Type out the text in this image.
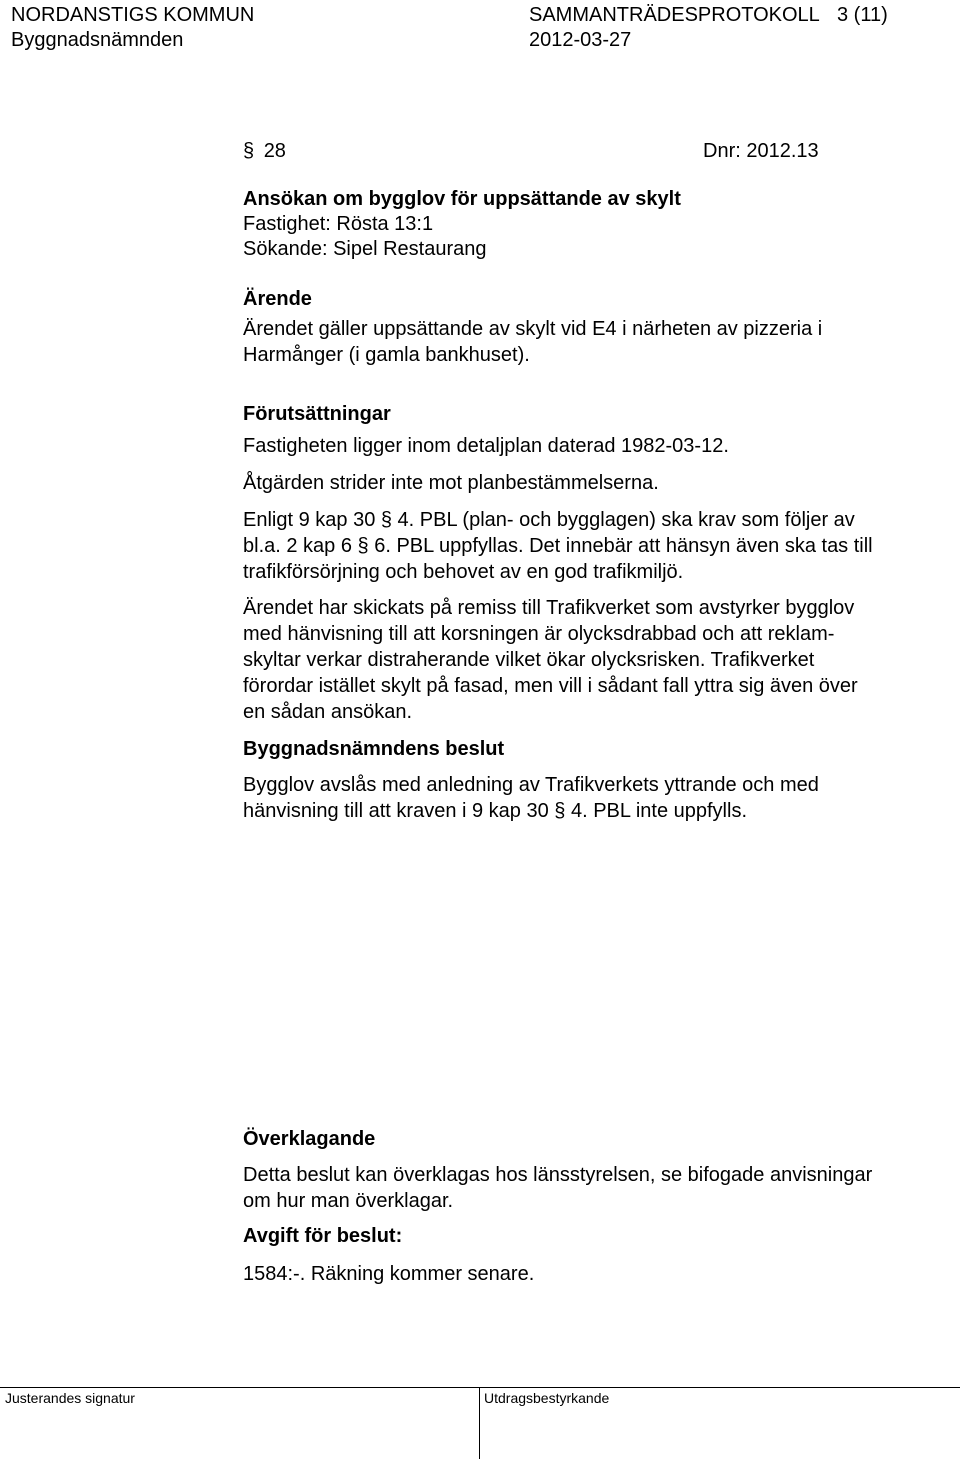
NORDANSTIGS KOMMUN	SAMMANTRÄDESPROTOKOLL 3 (11)
Byggnadsnämnden	2012-03-27
§ 28	Dnr: 2012.13
Ansökan om bygglov för uppsättande av skylt
Fastighet: Rösta 13:1
Sökande: Sipel Restaurang
Ärende
Ärendet gäller uppsättande av skylt vid E4 i närheten av pizzeria i
Harmånger (i gamla bankhuset).
Förutsättningar
Fastigheten ligger inom detaljplan daterad 1982-03-12.
Åtgärden strider inte mot planbestämmelserna.
Enligt 9 kap 30 § 4. PBL (plan- och bygglagen) ska krav som följer av
bl.a. 2 kap 6 § 6. PBL uppfyllas. Det innebär att hänsyn även ska tas till
trafikförsörjning och behovet av en god trafikmiljö.
Ärendet har skickats på remiss till Trafikverket som avstyrker bygglov
med hänvisning till att korsningen är olycksdrabbad och att reklam-
skyltar verkar distraherande vilket ökar olycksrisken. Trafikverket
förordar istället skylt på fasad, men vill i sådant fall yttra sig även över
en sådan ansökan.
Byggnadsnämndens beslut
Bygglov avslås med anledning av Trafikverkets yttrande och med
hänvisning till att kraven i 9 kap 30 § 4. PBL inte uppfylls.
Överklagande
Detta beslut kan överklagas hos länsstyrelsen, se bifogade anvisningar
om hur man överklagar.
Avgift för beslut:
1584:-. Räkning kommer senare.
Justerandes signatur	Utdragsbestyrkande
